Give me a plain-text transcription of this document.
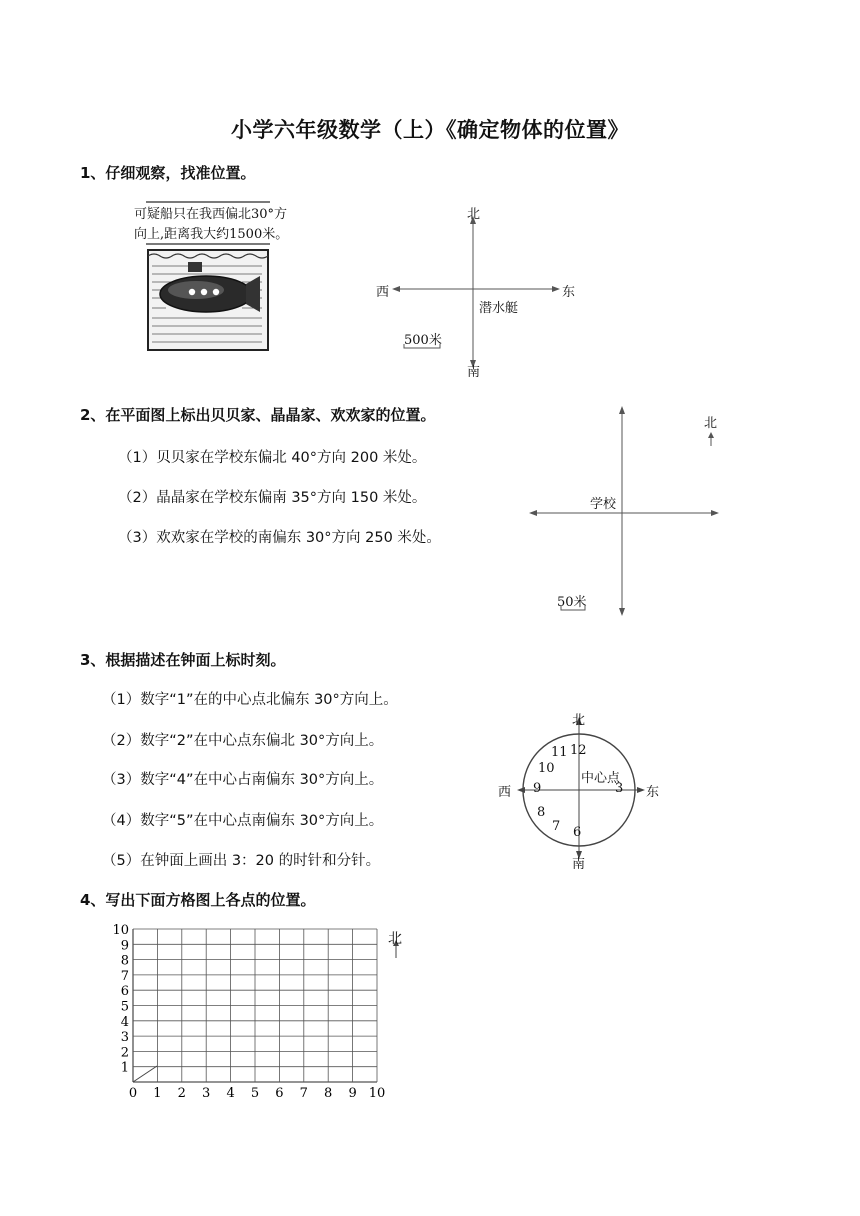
小学六年级数学（上）《确定物体的位置》
1、仔细观察，找准位置。
可疑船只在我西偏北30°方
向上,距离我大约1500米。
北
南
西	东
潜水艇
500米
2、在平面图上标出贝贝家、晶晶家、欢欢家的位置。
（1）贝贝家在学校东偏北 40°方向 200 米处。
（2）晶晶家在学校东偏南 35°方向 150 米处。
（3）欢欢家在学校的南偏东 30°方向 250 米处。
北
学校
50米
3、根据描述在钟面上标时刻。
（1）数字“1”在的中心点北偏东 30°方向上。
（2）数字“2”在中心点东偏北 30°方向上。
（3）数字“4”在中心占南偏东 30°方向上。
（4）数字“5”在中心点南偏东 30°方向上。
（5）在钟面上画出 3：20 的时针和分针。
北
南
西	东
中心点
12
11
10
9
8
7 6
3
4、写出下面方格图上各点的位置。
0 1 2 3 4 5 6 7 8 9 10
1
2
3
4
5
6
7
8
9
10
北
